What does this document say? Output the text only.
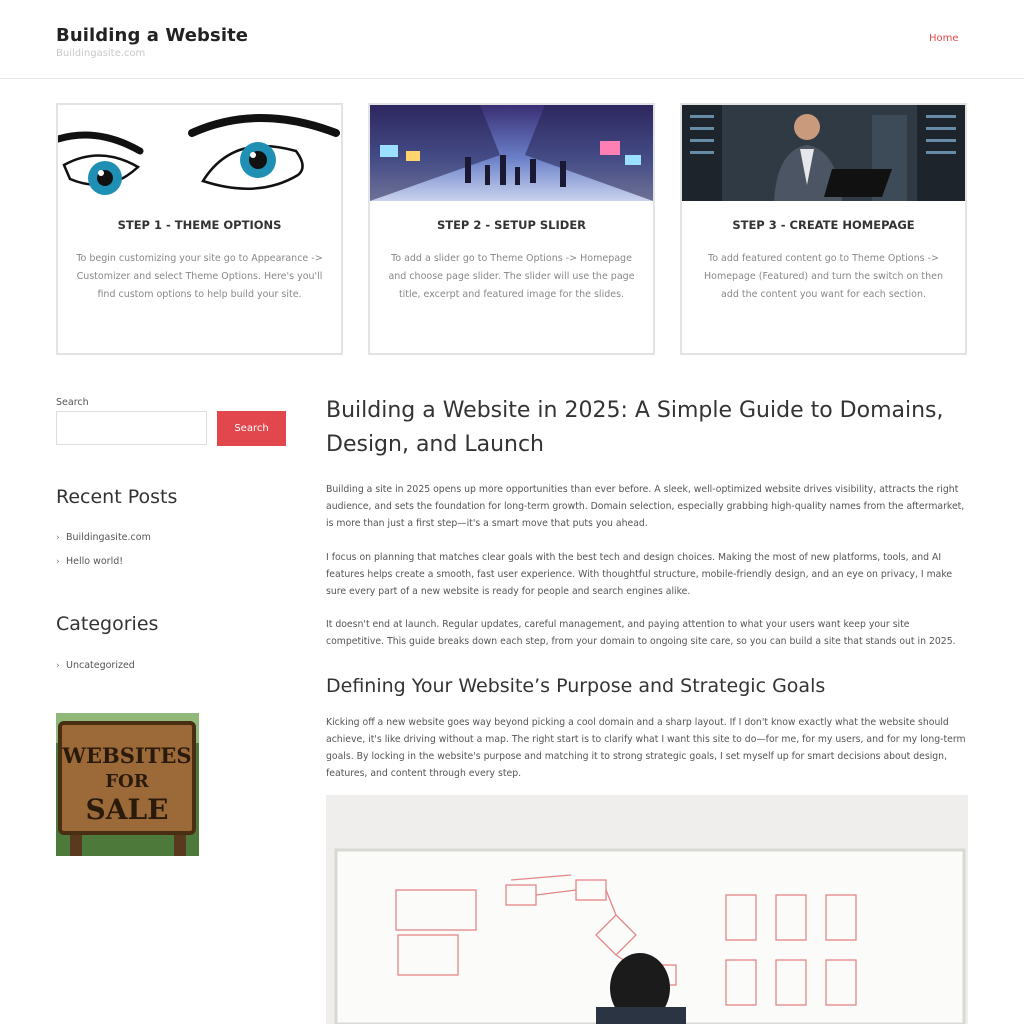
Building a Website
Buildingasite.com
Home
STEP 1 - THEME OPTIONS
To begin customizing your site go to Appearance -> Customizer and select Theme Options. Here's you'll find custom options to help build your site.
STEP 2 - SETUP SLIDER
To add a slider go to Theme Options -> Homepage and choose page slider. The slider will use the page title, excerpt and featured image for the slides.
STEP 3 - CREATE HOMEPAGE
To add featured content go to Theme Options -> Homepage (Featured) and turn the switch on then add the content you want for each section.
Search
Search
Recent Posts
› Buildingasite.com
› Hello world!
Categories
› Uncategorized
WEBSITES
FOR
SALE
Building a Website in 2025: A Simple Guide to Domains, Design, and Launch

Building a site in 2025 opens up more opportunities than ever before. A sleek, well-optimized website drives visibility, attracts the right audience, and sets the foundation for long-term growth. Domain selection, especially grabbing high-quality names from the aftermarket, is more than just a first step—it's a smart move that puts you ahead.

I focus on planning that matches clear goals with the best tech and design choices. Making the most of new platforms, tools, and AI features helps create a smooth, fast user experience. With thoughtful structure, mobile-friendly design, and an eye on privacy, I make sure every part of a new website is ready for people and search engines alike.

It doesn't end at launch. Regular updates, careful management, and paying attention to what your users want keep your site competitive. This guide breaks down each step, from your domain to ongoing site care, so you can build a site that stands out in 2025.

Defining Your Website’s Purpose and Strategic Goals

Kicking off a new website goes way beyond picking a cool domain and a sharp layout. If I don't know exactly what the website should achieve, it's like driving without a map. The right start is to clarify what I want this site to do—for me, for my users, and for my long-term goals. By locking in the website's purpose and matching it to strong strategic goals, I set myself up for smart decisions about design, features, and content through every step.
